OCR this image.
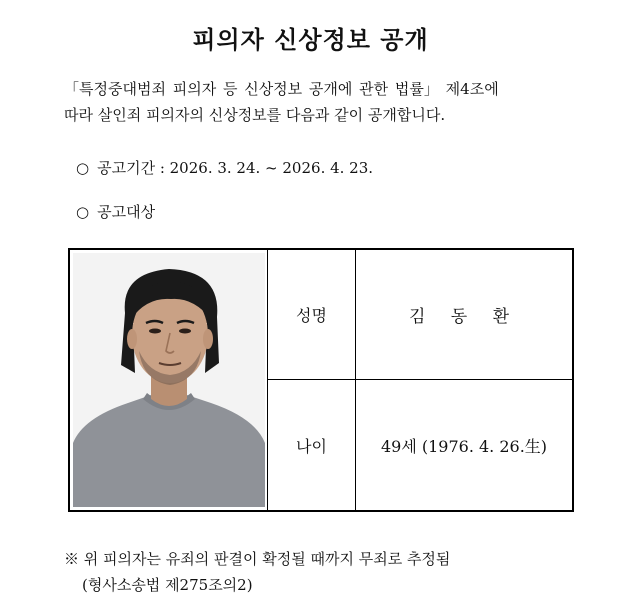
피의자 신상정보 공개
「특정중대범죄 피의자 등 신상정보 공개에 관한 법률」 제4조에
따라 살인죄 피의자의 신상정보를 다음과 같이 공개합니다.
○ 공고기간 : 2026. 3. 24. ~ 2026. 4. 23.
○ 공고대상
성명	김 동 환
나이	49세 (1976. 4. 26.生)
※ 위 피의자는 유죄의 판결이 확정될 때까지 무죄로 추정됨
(형사소송법 제275조의2)
